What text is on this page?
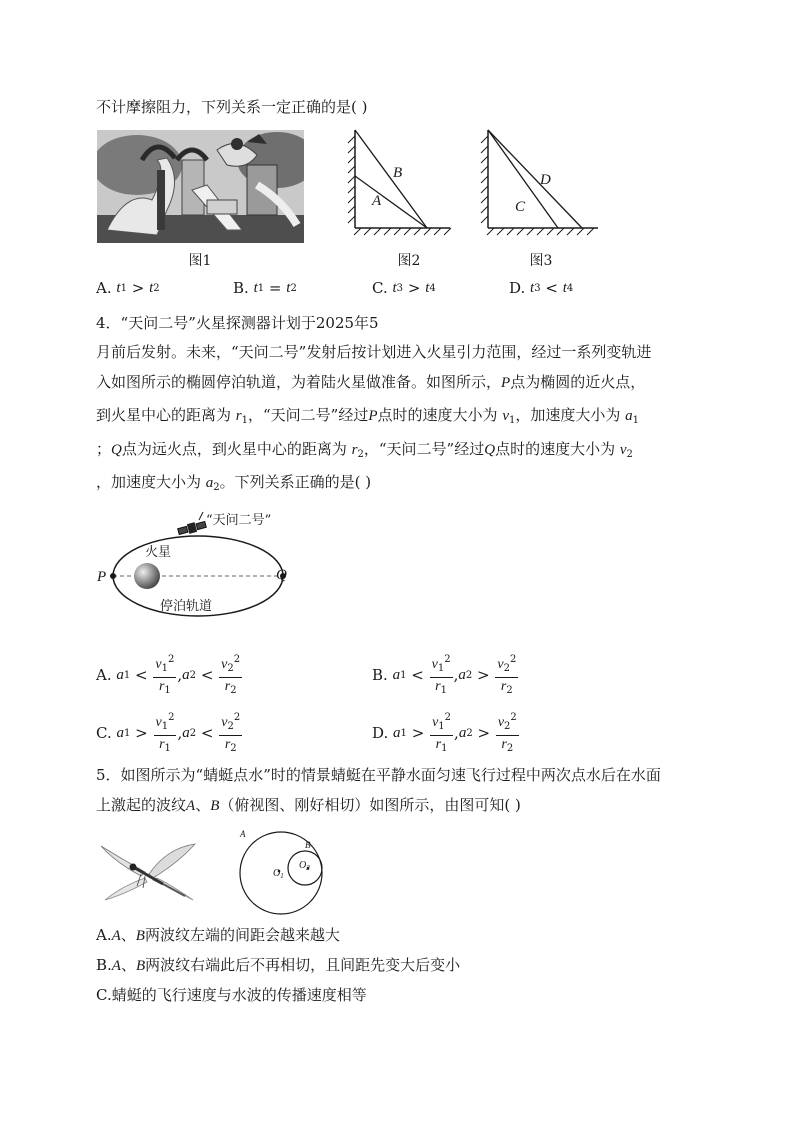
不计摩擦阻力，下列关系一定正确的是( )
图1
B
A
图2
D
C
图3
A.
t 1
>
t 2	B.
t 1
=
t 2	C.
t 3
>
t 4	D.
t 3
<
t 4
4．“天问二号”火星探测器计划于2025年5
月前后发射。未来，“天问二号”发射后按计划进入火星引力范围，经过一系列变轨进
入如图所示的椭圆停泊轨道，为着陆火星做准备。如图所示，P点为椭圆的近火点，
到火星中心的距离为 $r_1$，“天问二号”经过P点时的速度大小为 $v_1$，加速度大小为 $a_1$
；Q点为远火点，到火星中心的距离为 $r_2$，“天问二号”经过Q点时的速度大小为 $v_2$
，加速度大小为 $a_2$。下列关系正确的是( )
“天问二号”
火星
停泊轨道
P	Q
A.
a 1
<
$\frac{v_1^2}{r_1}$ , a 2
<
$\frac{v_2^2}{r_2}$	B.
a 1
<
$\frac{v_1^2}{r_1}$ , a 2
>
$\frac{v_2^2}{r_2}$
C.
a 1
>
$\frac{v_1^2}{r_1}$ , a 2
<
$\frac{v_2^2}{r_2}$	D.
a 1
>
$\frac{v_1^2}{r_1}$ , a 2
>
$\frac{v_2^2}{r_2}$
5．如图所示为“蜻蜓点水”时的情景蜻蜓在平静水面匀速飞行过程中两次点水后在水面
上激起的波纹A、B（俯视图、刚好相切）如图所示，由图可知( )
A
B
$O_1$
$O_2$
A.A、B两波纹左端的间距会越来越大
B.A、B两波纹右端此后不再相切，且间距先变大后变小
C.蜻蜓的飞行速度与水波的传播速度相等
